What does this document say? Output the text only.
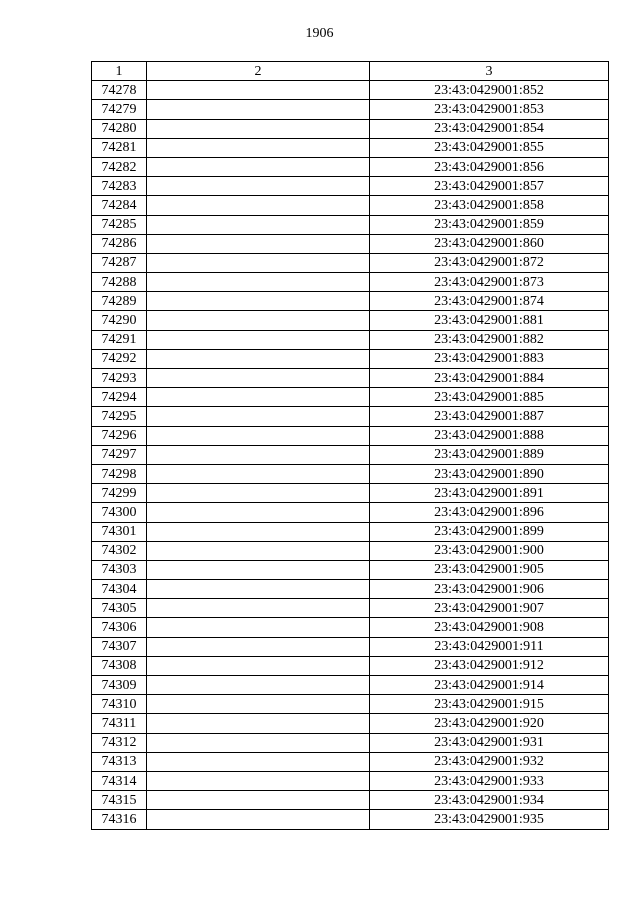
1906
1	2	3
74278		23:43:0429001:852
74279		23:43:0429001:853
74280		23:43:0429001:854
74281		23:43:0429001:855
74282		23:43:0429001:856
74283		23:43:0429001:857
74284		23:43:0429001:858
74285		23:43:0429001:859
74286		23:43:0429001:860
74287		23:43:0429001:872
74288		23:43:0429001:873
74289		23:43:0429001:874
74290		23:43:0429001:881
74291		23:43:0429001:882
74292		23:43:0429001:883
74293		23:43:0429001:884
74294		23:43:0429001:885
74295		23:43:0429001:887
74296		23:43:0429001:888
74297		23:43:0429001:889
74298		23:43:0429001:890
74299		23:43:0429001:891
74300		23:43:0429001:896
74301		23:43:0429001:899
74302		23:43:0429001:900
74303		23:43:0429001:905
74304		23:43:0429001:906
74305		23:43:0429001:907
74306		23:43:0429001:908
74307		23:43:0429001:911
74308		23:43:0429001:912
74309		23:43:0429001:914
74310		23:43:0429001:915
74311		23:43:0429001:920
74312		23:43:0429001:931
74313		23:43:0429001:932
74314		23:43:0429001:933
74315		23:43:0429001:934
74316		23:43:0429001:935
